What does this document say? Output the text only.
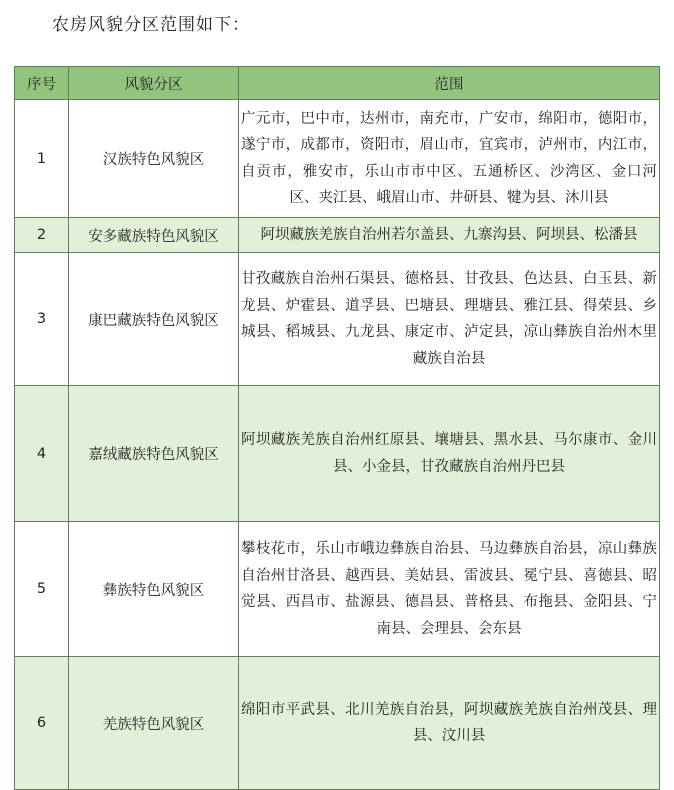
农房风貌分区范围如下：
序号	风貌分区	范围
1	汉族特色风貌区	广元市，巴中市，达州市，南充市，广安市，绵阳市，德阳市，遂宁市，成都市，资阳市，眉山市，宜宾市，泸州市，内江市，自贡市，雅安市，乐山市市中区、五通桥区、沙湾区、金口河区、夹江县、峨眉山市、井研县、犍为县、沐川县
2	安多藏族特色风貌区	阿坝藏族羌族自治州若尔盖县、九寨沟县、阿坝县、松潘县
3	康巴藏族特色风貌区	甘孜藏族自治州石渠县、德格县、甘孜县、色达县、白玉县、新龙县、炉霍县、道孚县、巴塘县、理塘县、雅江县、得荣县、乡城县、稻城县、九龙县、康定市、泸定县，凉山彝族自治州木里藏族自治县
4	嘉绒藏族特色风貌区	阿坝藏族羌族自治州红原县、壤塘县、黑水县、马尔康市、金川县、小金县，甘孜藏族自治州丹巴县
5	彝族特色风貌区	攀枝花市，乐山市峨边彝族自治县、马边彝族自治县，凉山彝族自治州甘洛县、越西县、美姑县、雷波县、冕宁县、喜德县、昭觉县、西昌市、盐源县、德昌县、普格县、布拖县、金阳县、宁南县、会理县、会东县
6	羌族特色风貌区	绵阳市平武县、北川羌族自治县，阿坝藏族羌族自治州茂县、理县、汶川县
